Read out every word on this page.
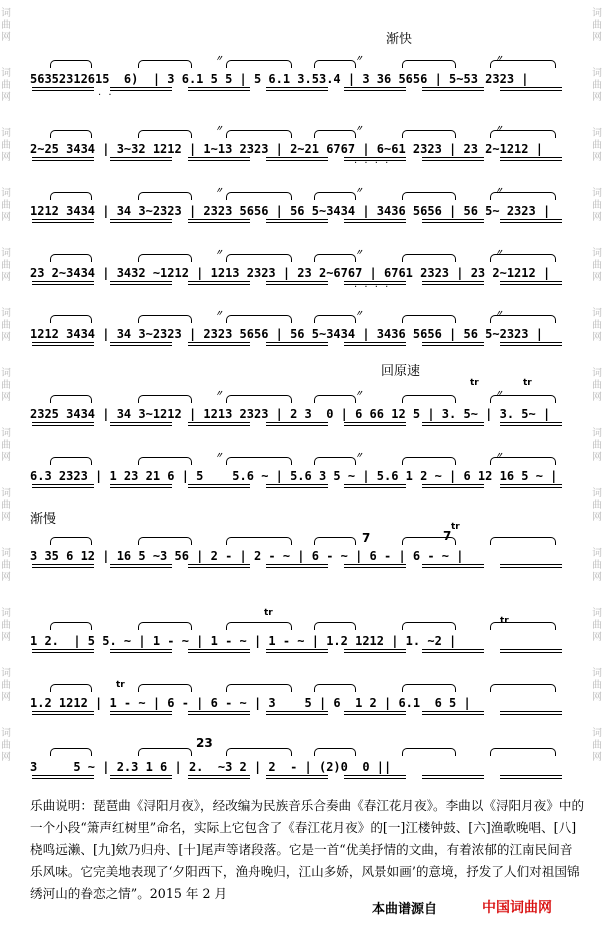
词
曲
网
词
曲
网
词
曲
网
词
曲
网
词
曲
网
词
曲
网
词
曲
网
词
曲
网
词
曲
网
词
曲
网
词
曲
网
词
曲
网
词
曲
网
词
曲
网
词
曲
网
词
曲
网
词
曲
网
词
曲
网
词
曲
网
词
曲
网
词
曲
网
词
曲
网
词
曲
网
词
曲
网
词
曲
网
词
曲
网
渐快
回原速
渐慢
56352312615  6)  | 3 6.1 5 5 | 5 6.1 3.53.4 | 3 36 5656 | 5~53 2323 |
〃	〃	〃
2~25 3434 | 3~32 1212 | 1~13 2323 | 2~21 6767 | 6~61 2323 | 23 2~1212 |
〃	〃	〃
1212 3434 | 34 3~2323 | 2323 5656 | 56 5~3434 | 3436 5656 | 56 5~ 2323 |
〃	〃	〃
23 2~3434 | 3432 ~1212 | 1213 2323 | 23 2~6767 | 6761 2323 | 23 2~1212 |
〃	〃	〃
1212 3434 | 34 3~2323 | 2323 5656 | 56 5~3434 | 3436 5656 | 56 5~2323 |
〃	〃	〃
2325 3434 | 34 3~1212 | 1213 2323 | 2 3  0 | 6 66 12 5 | 3. 5~ | 3. 5~ |
〃	〃	〃
6.3 2323 | 1 23 21 6 | 5    5.6 ~ | 5.6 3 5 ~ | 5.6 1 2 ~ | 6 12 16 5 ~ |
〃	〃	〃
3 35 6 12 | 16 5 ~3 56 | 2 - | 2 - ~ | 6 - ~ | 6 - | 6 - ~ |
1 2.  | 5 5. ~ | 1 - ~ | 1 - ~ | 1 - ~ | 1.2 1212 | 1. ~2 |
1.2 1212 | 1 - ~ | 6 - | 6 - ~ | 3    5 | 6  1 2 | 6.1  6 5 |
3     5 ~ | 2.3 1 6 | 2.  ~3 2 | 2  - | (2)0  0 ||
· ·
· · · ·
· · · ·
tr	tr
tr
tr
tr
tr
7	7
23
乐曲说明：琵琶曲《浔阳月夜》，经改编为民族音乐合奏曲《春江花月夜》。李曲以《浔阳月夜》中的一个小段“箫声红树里”命名，实际上它包含了《春江花月夜》的[一]江楼钟鼓、[六]渔歌晚唱、[八]桡鸣远濑、[九]欸乃归舟、[十]尾声等诸段落。它是一首“优美抒情的文曲，有着浓郁的江南民间音乐风味。它完美地表现了‘夕阳西下，渔舟晚归，江山多娇，风景如画’的意境，抒发了人们对祖国锦绣河山的眷恋之情”。2015 年 2 月
本曲谱源自	中国词曲网
